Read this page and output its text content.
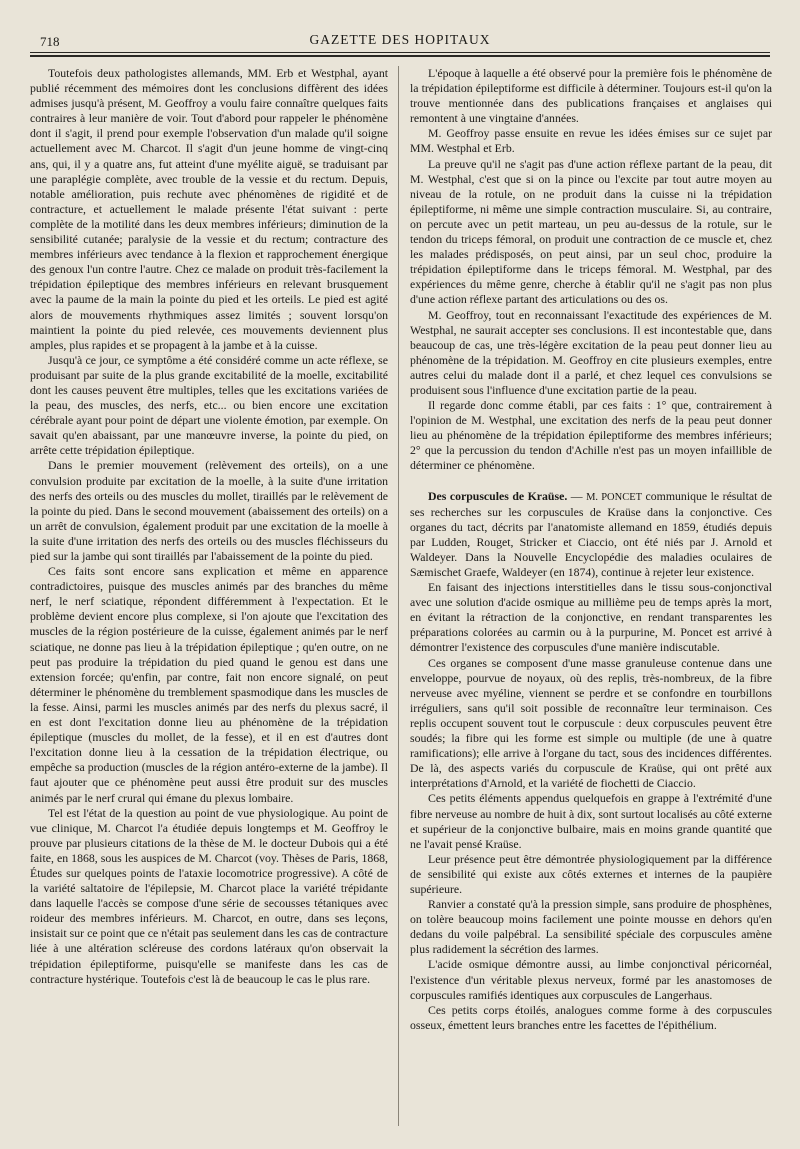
718	GAZETTE DES HOPITAUX

Toutefois deux pathologistes allemands, MM. Erb et Westphal, ayant publié récemment des mémoires dont les conclusions diffèrent des idées admises jusqu'à présent, M. Geoffroy a voulu faire connaître quelques faits contraires à leur manière de voir. Tout d'abord pour rappeler le phénomène dont il s'agit, il prend pour exemple l'observation d'un malade qu'il soigne actuellement avec M. Charcot. Il s'agit d'un jeune homme de vingt-cinq ans, qui, il y a quatre ans, fut atteint d'une myélite aiguë, se traduisant par une paraplégie complète, avec trouble de la vessie et du rectum. Depuis, notable amélioration, puis rechute avec phénomènes de rigidité et de contracture, et actuellement le malade présente l'état suivant : perte complète de la motilité dans les deux membres inférieurs; diminution de la sensibilité cutanée; paralysie de la vessie et du rectum; contracture des membres inférieurs avec tendance à la flexion et rapprochement énergique des genoux l'un contre l'autre. Chez ce malade on produit très-facilement la trépidation épileptique des membres inférieurs en relevant brusquement avec la paume de la main la pointe du pied et les orteils. Le pied est agité alors de mouvements rhythmiques assez limités ; souvent lorsqu'on maintient la pointe du pied relevée, ces mouvements deviennent plus amples, plus rapides et se propagent à la jambe et à la cuisse.

Jusqu'à ce jour, ce symptôme a été considéré comme un acte réflexe, se produisant par suite de la plus grande excitabilité de la moelle, excitabilité dont les causes peuvent être multiples, telles que les excitations variées de la peau, des muscles, des nerfs, etc... ou bien encore une excitation cérébrale ayant pour point de départ une violente émotion, par exemple. On savait qu'en abaissant, par une manœuvre inverse, la pointe du pied, on arrête cette trépidation épileptique.

Dans le premier mouvement (relèvement des orteils), on a une convulsion produite par excitation de la moelle, à la suite d'une irritation des nerfs des orteils ou des muscles du mollet, tiraillés par le relèvement de la pointe du pied. Dans le second mouvement (abaissement des orteils) on a un arrêt de convulsion, également produit par une excitation de la moelle à la suite d'une irritation des nerfs des orteils ou des muscles fléchisseurs du pied sur la jambe qui sont tiraillés par l'abaissement de la pointe du pied.

Ces faits sont encore sans explication et même en apparence contradictoires, puisque des muscles animés par des branches du même nerf, le nerf sciatique, répondent différemment à l'expectation. Et le problème devient encore plus complexe, si l'on ajoute que l'excitation des muscles de la région postérieure de la cuisse, également animés par le nerf sciatique, ne donne pas lieu à la trépidation épileptique ; qu'en outre, on ne peut pas produire la trépidation du pied quand le genou est dans une extension forcée; qu'enfin, par contre, fait non encore signalé, on peut déterminer le phénomène du tremblement spasmodique dans les muscles de la fesse. Ainsi, parmi les muscles animés par des nerfs du plexus sacré, il en est dont l'excitation donne lieu au phénomène de la trépidation épileptique (muscles du mollet, de la fesse), et il en est d'autres dont l'excitation donne lieu à la cessation de la trépidation électrique, ou empêche sa production (muscles de la région antéro-externe de la jambe). Il faut ajouter que ce phénomène peut aussi être produit sur des muscles animés par le nerf crural qui émane du plexus lombaire.

Tel est l'état de la question au point de vue physiologique. Au point de vue clinique, M. Charcot l'a étudiée depuis longtemps et M. Geoffroy le prouve par plusieurs citations de la thèse de M. le docteur Dubois qui a été faite, en 1868, sous les auspices de M. Charcot (voy. Thèses de Paris, 1868, Études sur quelques points de l'ataxie locomotrice progressive). A côté de la variété saltatoire de l'épilepsie, M. Charcot place la variété trépidante dans laquelle l'accès se compose d'une série de secousses tétaniques avec roideur des membres inférieurs. M. Charcot, en outre, dans ses leçons, insistait sur ce point que ce n'était pas seulement dans les cas de contracture liée à une altération scléreuse des cordons latéraux qu'on observait la trépidation épileptiforme, puisqu'elle se manifeste dans les cas de contracture hystérique. Toutefois c'est là de beaucoup le cas le plus rare.

L'époque à laquelle a été observé pour la première fois le phénomène de la trépidation épileptiforme est difficile à déterminer. Toujours est-il qu'on la trouve mentionnée dans des publications françaises et anglaises qui remontent à une vingtaine d'années.

M. Geoffroy passe ensuite en revue les idées émises sur ce sujet par MM. Westphal et Erb.

La preuve qu'il ne s'agit pas d'une action réflexe partant de la peau, dit M. Westphal, c'est que si on la pince ou l'excite par tout autre moyen au niveau de la rotule, on ne produit dans la cuisse ni la trépidation épileptiforme, ni même une simple contraction musculaire. Si, au contraire, on percute avec un petit marteau, un peu au-dessus de la rotule, sur le tendon du triceps fémoral, on produit une contraction de ce muscle et, chez les malades prédisposés, on peut ainsi, par un seul choc, produire la trépidation épileptiforme dans le triceps fémoral. M. Westphal, par des expériences du même genre, cherche à établir qu'il ne s'agit pas non plus d'une action réflexe partant des articulations ou des os.

M. Geoffroy, tout en reconnaissant l'exactitude des expériences de M. Westphal, ne saurait accepter ses conclusions. Il est incontestable que, dans beaucoup de cas, une très-légère excitation de la peau peut donner lieu au phénomène de la trépidation. M. Geoffroy en cite plusieurs exemples, entre autres celui du malade dont il a parlé, et chez lequel ces convulsions se produisent sous l'influence d'une excitation partie de la peau.

Il regarde donc comme établi, par ces faits : 1° que, contrairement à l'opinion de M. Westphal, une excitation des nerfs de la peau peut donner lieu au phénomène de la trépidation épileptiforme des membres inférieurs; 2° que la percussion du tendon d'Achille n'est pas un moyen infaillible de déterminer ce phénomène.

Des corpuscules de Kraüse. — M. PONCET communique le résultat de ses recherches sur les corpuscules de Kraüse dans la conjonctive. Ces organes du tact, décrits par l'anatomiste allemand en 1859, étudiés depuis par Ludden, Rouget, Stricker et Ciaccio, ont été niés par J. Arnold et Waldeyer. Dans la Nouvelle Encyclopédie des maladies oculaires de Sæmischet Graefe, Waldeyer (en 1874), continue à rejeter leur existence.

En faisant des injections interstitielles dans le tissu sous-conjonctival avec une solution d'acide osmique au millième peu de temps après la mort, en évitant la rétraction de la conjonctive, en rendant transparentes les préparations colorées au carmin ou à la purpurine, M. Poncet est arrivé à démontrer l'existence des corpuscules d'une manière indiscutable.

Ces organes se composent d'une masse granuleuse contenue dans une enveloppe, pourvue de noyaux, où des replis, très-nombreux, de la fibre nerveuse avec myéline, viennent se perdre et se confondre en tourbillons irréguliers, sans qu'il soit possible de reconnaître leur terminaison. Ces replis occupent souvent tout le corpuscule : deux corpuscules peuvent être soudés; la fibre qui les forme est simple ou multiple (de une à quatre ramifications); elle arrive à l'organe du tact, sous des incidences différentes. De là, des aspects variés du corpuscule de Kraüse, qui ont prêté aux interprétations d'Arnold, et la variété de fiochetti de Ciaccio.

Ces petits éléments appendus quelquefois en grappe à l'extrémité d'une fibre nerveuse au nombre de huit à dix, sont surtout localisés au côté externe et supérieur de la conjonctive bulbaire, mais en moins grande quantité que ne l'avait pensé Kraüse.

Leur présence peut être démontrée physiologiquement par la différence de sensibilité qui existe aux côtés externes et internes de la paupière supérieure.

Ranvier a constaté qu'à la pression simple, sans produire de phosphènes, on tolère beaucoup moins facilement une pointe mousse en dehors qu'en dedans du voile palpébral. La sensibilité spéciale des corpuscules amène plus radidement la sécrétion des larmes.

L'acide osmique démontre aussi, au limbe conjonctival péricornéal, l'existence d'un véritable plexus nerveux, formé par les anastomoses de corpuscules ramifiés identiques aux corpuscules de Langerhaus.

Ces petits corps étoilés, analogues comme forme à des corpuscules osseux, émettent leurs branches entre les facettes de l'épithélium.
